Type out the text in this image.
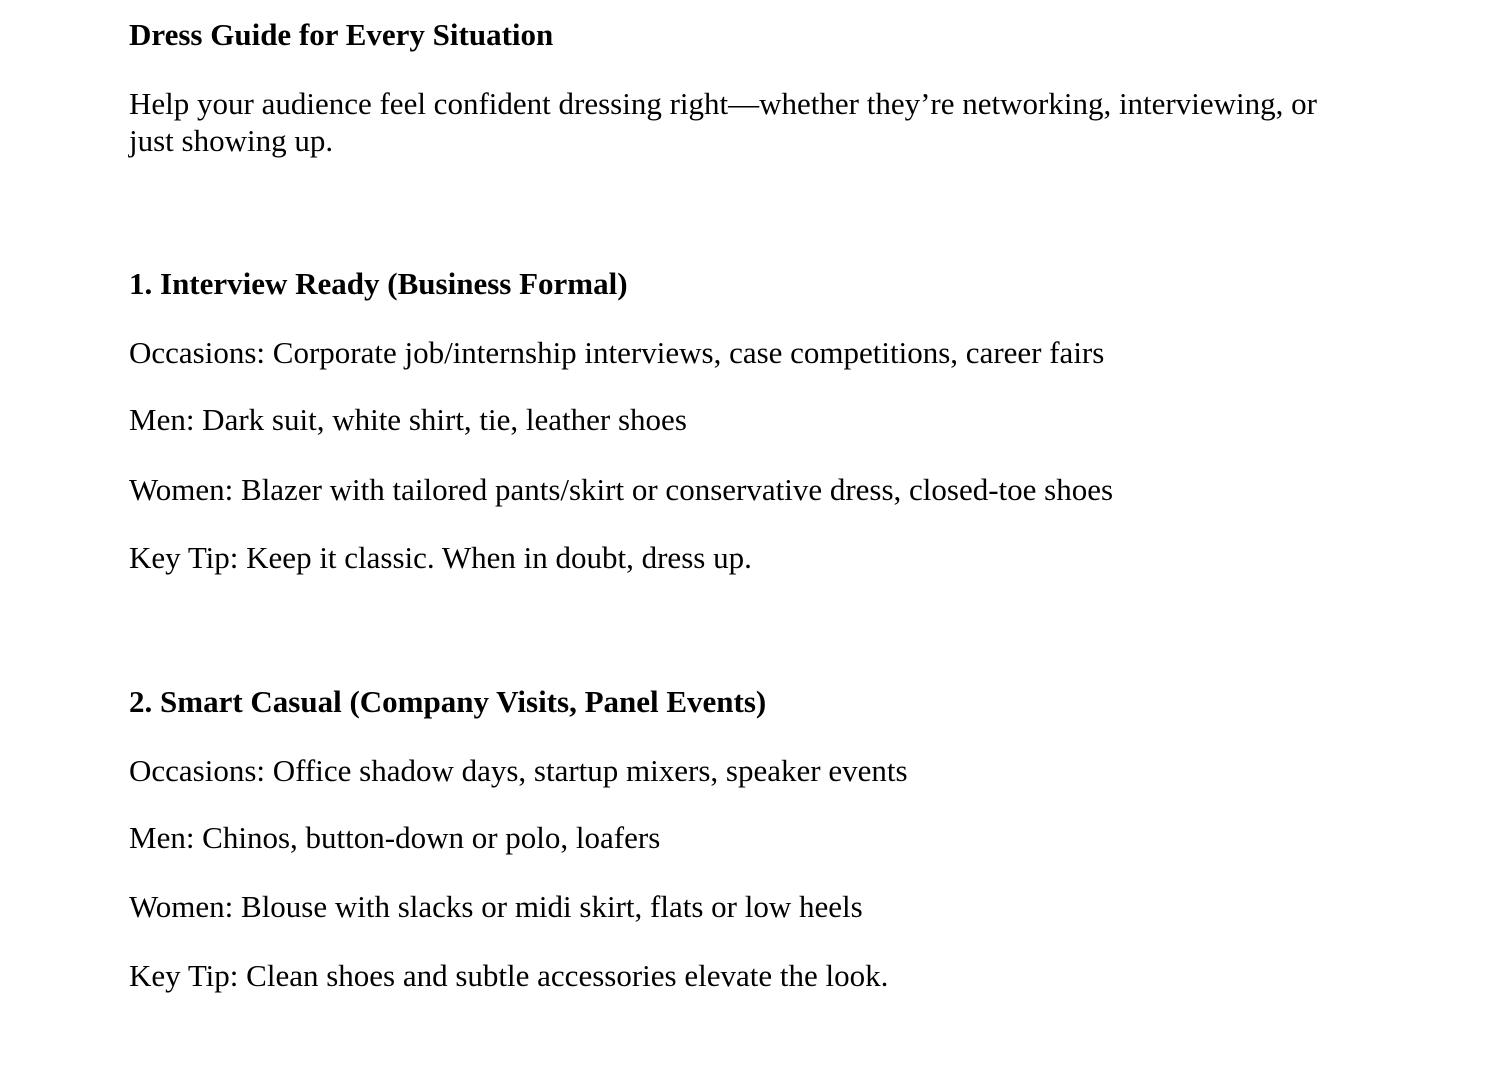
Dress Guide for Every Situation

Help your audience feel confident dressing right—whether they’re networking, interviewing, or just showing up.

1. Interview Ready (Business Formal)

Occasions: Corporate job/internship interviews, case competitions, career fairs

Men: Dark suit, white shirt, tie, leather shoes

Women: Blazer with tailored pants/skirt or conservative dress, closed-toe shoes

Key Tip: Keep it classic. When in doubt, dress up.

2. Smart Casual (Company Visits, Panel Events)

Occasions: Office shadow days, startup mixers, speaker events

Men: Chinos, button-down or polo, loafers

Women: Blouse with slacks or midi skirt, flats or low heels

Key Tip: Clean shoes and subtle accessories elevate the look.
